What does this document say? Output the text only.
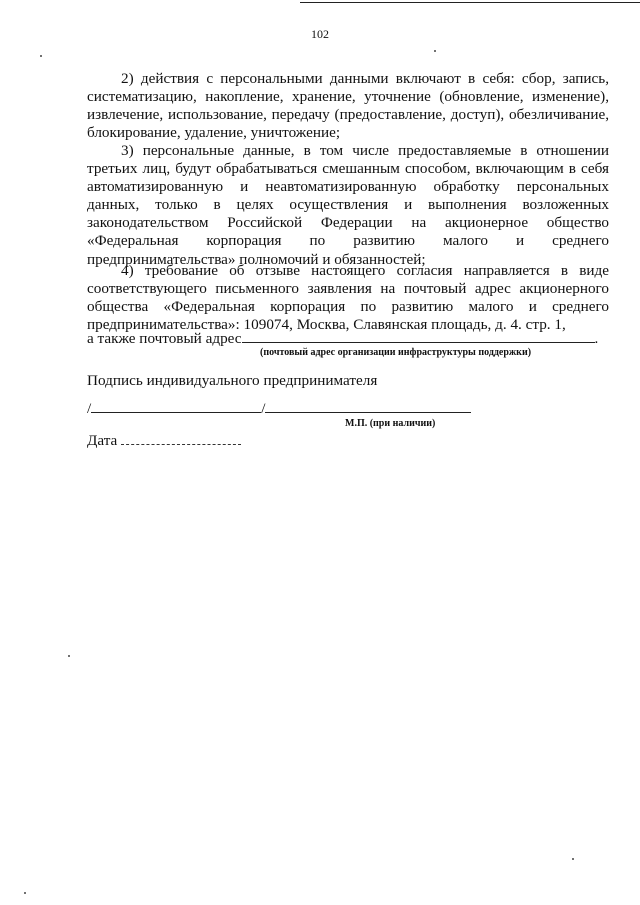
102

2) действия с персональными данными включают в себя: сбор, запись, систематизацию, накопление, хранение, уточнение (обновление, изменение), извлечение, использование, передачу (предоставление, доступ), обезличивание, блокирование, удаление, уничтожение;

3) персональные данные, в том числе предоставляемые в отношении третьих лиц, будут обрабатываться смешанным способом, включающим в себя автоматизированную и неавтоматизированную обработку персональных данных, только в целях осуществления и выполнения возложенных законодательством Российской Федерации на акционерное общество «Федеральная корпорация по развитию малого и среднего предпринимательства» полномочий и обязанностей;

4) требование об отзыве настоящего согласия направляется в виде соответствующего письменного заявления на почтовый адрес акционерного общества «Федеральная корпорация по развитию малого и среднего предпринимательства»: 109074, Москва, Славянская площадь, д. 4. стр. 1,

а также почтовый адрес	.
(почтовый адрес организации инфраструктуры поддержки)
Подпись индивидуального предпринимателя
/	/
М.П. (при наличии)
Дата
